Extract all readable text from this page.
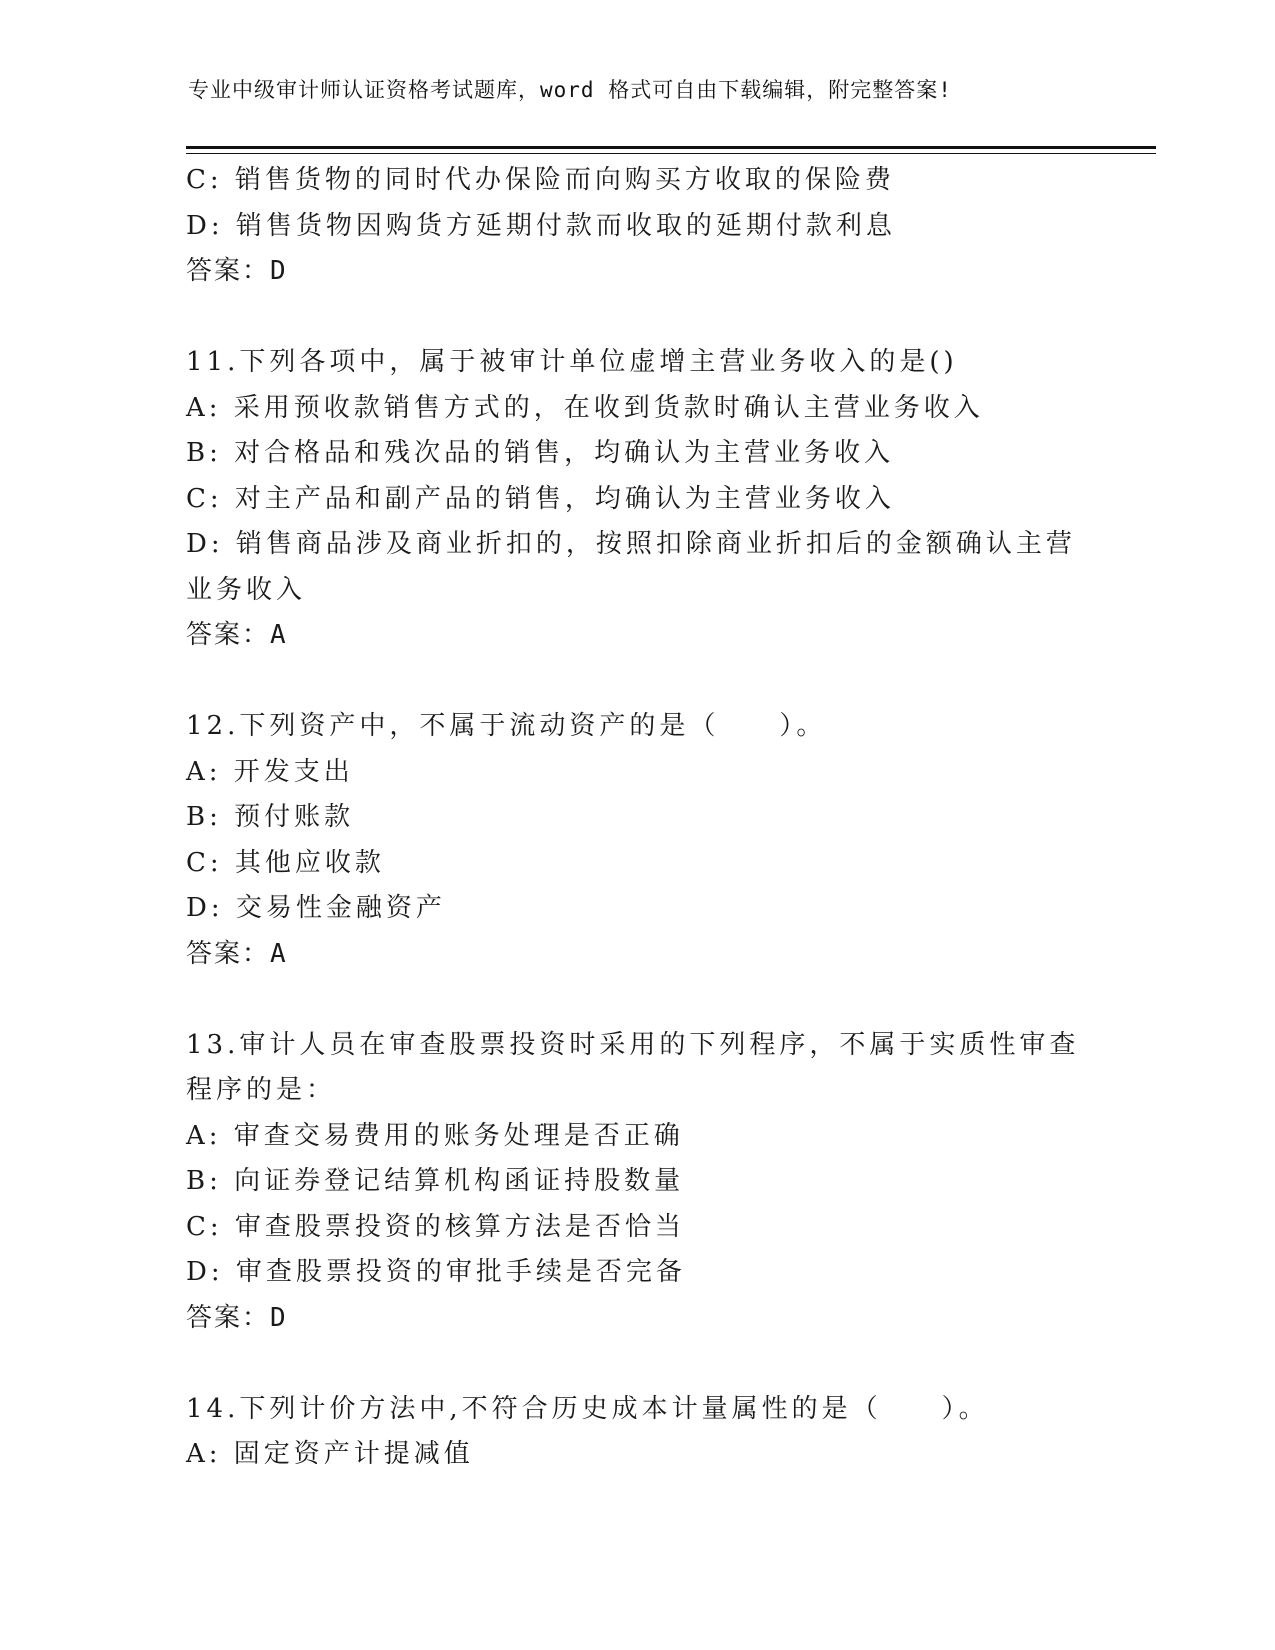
专业中级审计师认证资格考试题库，word 格式可自由下载编辑，附完整答案!
C: 销售货物的同时代办保险而向购买方收取的保险费
D: 销售货物因购货方延期付款而收取的延期付款利息
答案：D
11.下列各项中，属于被审计单位虚增主营业务收入的是()
A: 采用预收款销售方式的，在收到货款时确认主营业务收入
B: 对合格品和残次品的销售，均确认为主营业务收入
C: 对主产品和副产品的销售，均确认为主营业务收入
D: 销售商品涉及商业折扣的，按照扣除商业折扣后的金额确认主营业务收入
答案：A
12.下列资产中，不属于流动资产的是（　　）。
A: 开发支出
B: 预付账款
C: 其他应收款
D: 交易性金融资产
答案：A
13.审计人员在审查股票投资时采用的下列程序，不属于实质性审查程序的是：
A: 审查交易费用的账务处理是否正确
B: 向证券登记结算机构函证持股数量
C: 审查股票投资的核算方法是否恰当
D: 审查股票投资的审批手续是否完备
答案：D
14.下列计价方法中,不符合历史成本计量属性的是（　　）。
A: 固定资产计提减值
